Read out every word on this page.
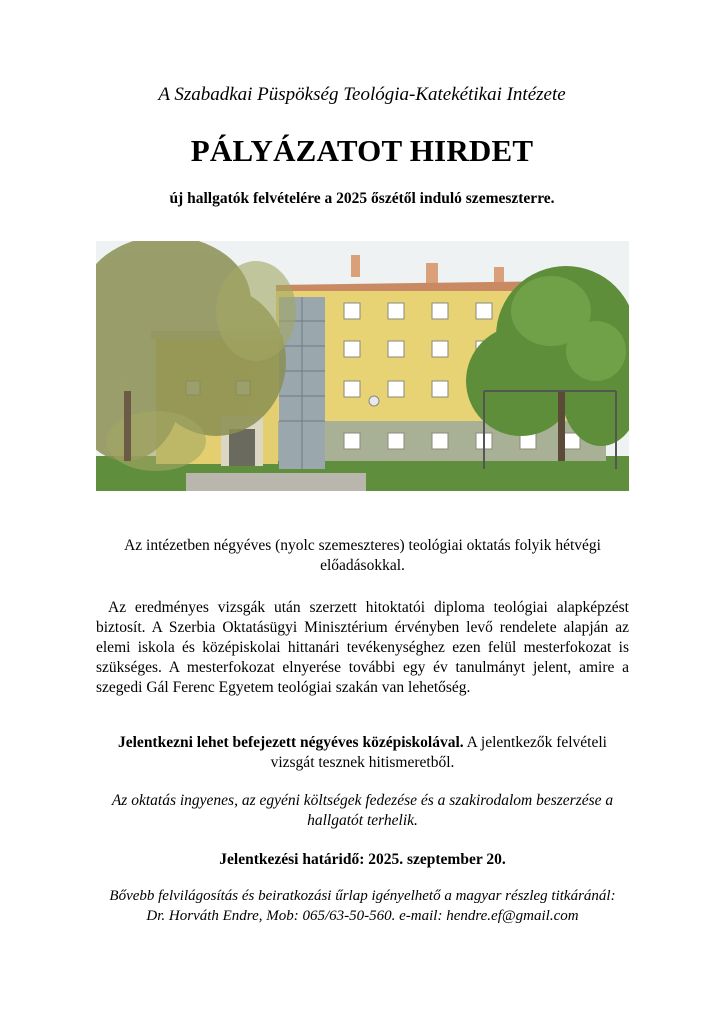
A Szabadkai Püspökség Teológia-Katekétikai Intézete
PÁLYÁZATOT HIRDET
új hallgatók felvételére a 2025 őszétől induló szemeszterre.
Az intézetben négyéves (nyolc szemeszteres) teológiai oktatás folyik hétvégi előadásokkal.
Az eredményes vizsgák után szerzett hitoktatói diploma teológiai alapképzést biztosít. A Szerbia Oktatásügyi Minisztérium érvényben levő rendelete alapján az elemi iskola és középiskolai hittanári tevékenységhez ezen felül mesterfokozat is szükséges. A mesterfokozat elnyerése további egy év tanulmányt jelent, amire a szegedi Gál Ferenc Egyetem teológiai szakán van lehetőség.
Jelentkezni lehet befejezett négyéves középiskolával. A jelentkezők felvételi vizsgát tesznek hitismeretből.
Az oktatás ingyenes, az egyéni költségek fedezése és a szakirodalom beszerzése a hallgatót terhelik.
Jelentkezési határidő: 2025. szeptember 20.
Bővebb felvilágosítás és beiratkozási űrlap igényelhető a magyar részleg titkáránál:
Dr. Horváth Endre, Mob: 065/63-50-560. e-mail: hendre.ef@gmail.com
